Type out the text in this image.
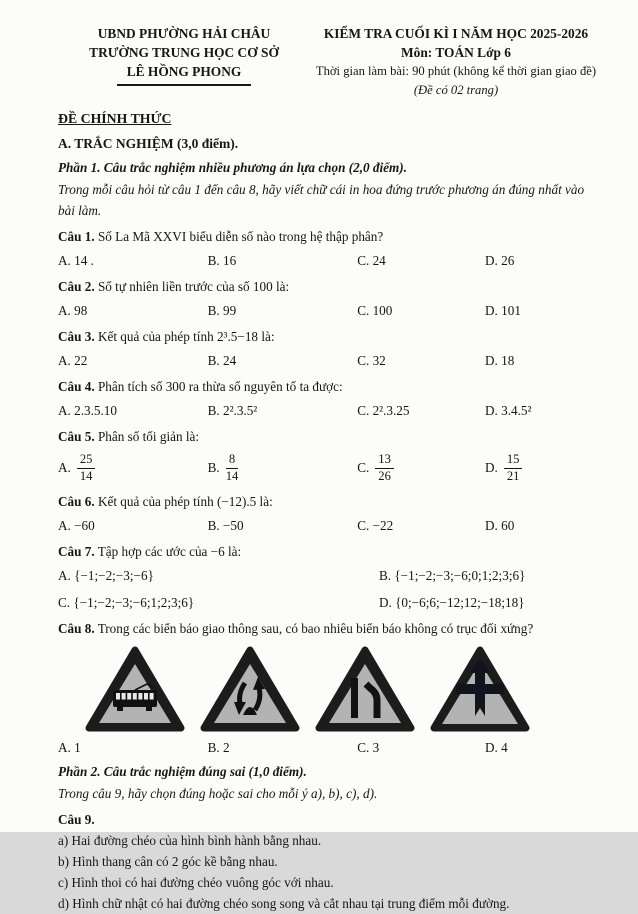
UBND PHƯỜNG HẢI CHÂU
TRƯỜNG TRUNG HỌC CƠ SỞ
LÊ HỒNG PHONG
KIỂM TRA CUỐI KÌ I NĂM HỌC 2025-2026
Môn: TOÁN Lớp 6
Thời gian làm bài: 90 phút (không kể thời gian giao đề)
(Đề có 02 trang)
ĐỀ CHÍNH THỨC
A. TRẮC NGHIỆM (3,0 điểm).
Phần 1. Câu trắc nghiệm nhiều phương án lựa chọn (2,0 điểm).
Trong mỗi câu hỏi từ câu 1 đến câu 8, hãy viết chữ cái in hoa đứng trước phương án đúng nhất vào bài làm.
Câu 1. Số La Mã XXVI biểu diễn số nào trong hệ thập phân?
A. 14 .	B. 16	C. 24	D. 26
Câu 2. Số tự nhiên liền trước của số 100 là:
A. 98	B. 99	C. 100	D. 101
Câu 3. Kết quả của phép tính 2³.5−18 là:
A. 22	B. 24	C. 32	D. 18
Câu 4. Phân tích số 300 ra thừa số nguyên tố ta được:
A. 2.3.5.10	B. 2².3.5²	C. 2².3.25	D. 3.4.5²
Câu 5. Phân số tối giản là:
A. $\frac{25}{14}$	B. $\frac{8}{14}$	C. $\frac{13}{26}$	D. $\frac{15}{21}$
Câu 6. Kết quả của phép tính (−12).5 là:
A. −60	B. −50	C. −22	D. 60
Câu 7. Tập hợp các ước của −6 là:
A. {−1;−2;−3;−6}	B. {−1;−2;−3;−6;0;1;2;3;6}
C. {−1;−2;−3;−6;1;2;3;6}	D. {0;−6;6;−12;12;−18;18}
Câu 8. Trong các biển báo giao thông sau, có bao nhiêu biển báo không có trục đối xứng?
A. 1	B. 2	C. 3	D. 4
Phần 2. Câu trắc nghiệm đúng sai (1,0 điểm).
Trong câu 9, hãy chọn đúng hoặc sai cho mỗi ý a), b), c), d).
Câu 9.
a) Hai đường chéo của hình bình hành bằng nhau.
b) Hình thang cân có 2 góc kề bằng nhau.
c) Hình thoi có hai đường chéo vuông góc với nhau.
d) Hình chữ nhật có hai đường chéo song song và cắt nhau tại trung điểm mỗi đường.
